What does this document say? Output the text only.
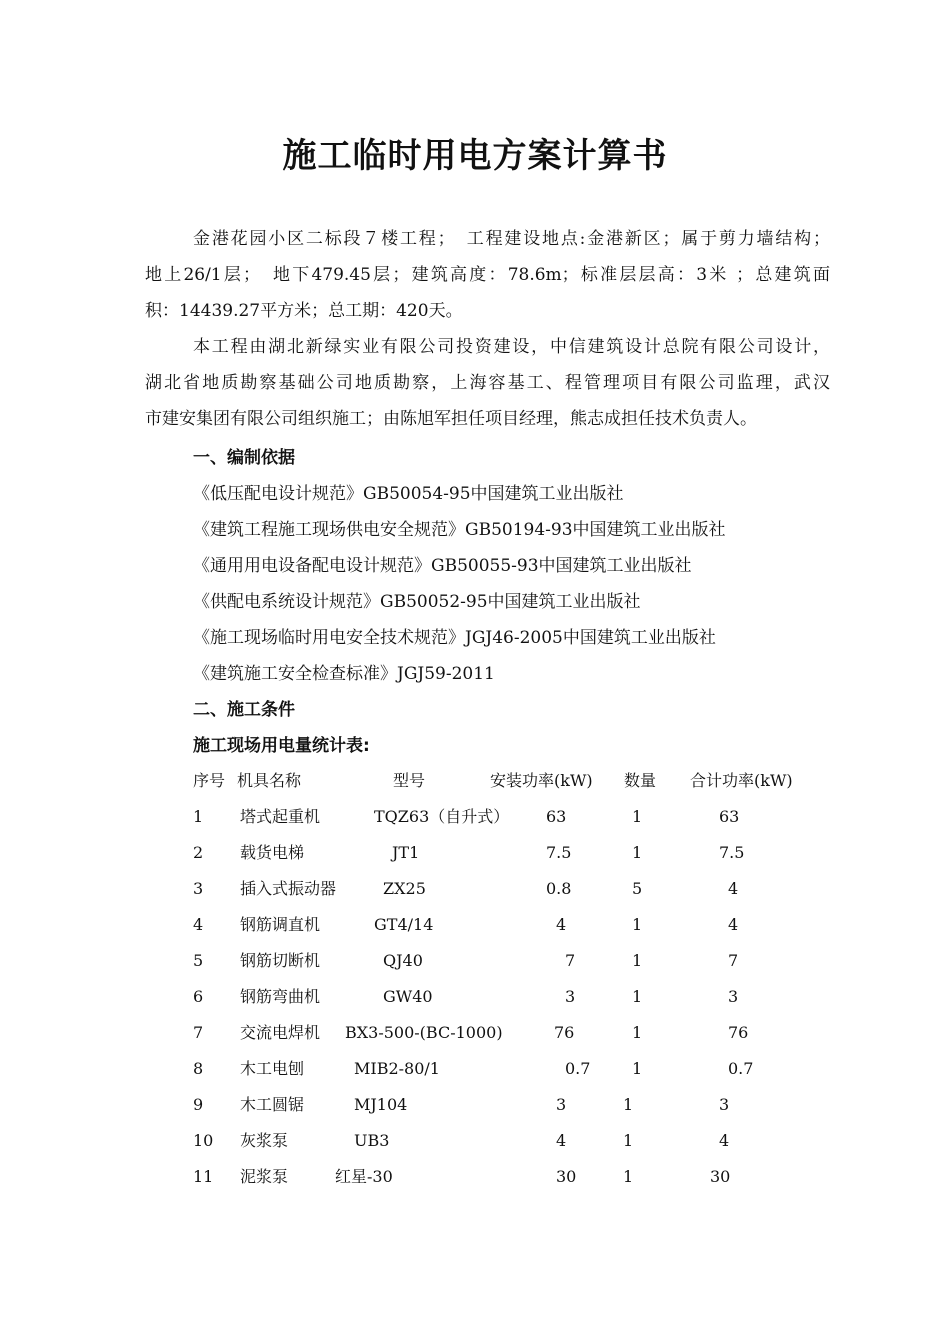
施工临时用电方案计算书
金港花园小区二标段７楼工程；　工程建设地点:金港新区；属于剪力墙结构；
地上26/1层；　地下479.45层；建筑高度：78.6m；标准层层高：3米 ；总建筑面
积：14439.27平方米；总工期：420天。
本工程由湖北新绿实业有限公司投资建设，中信建筑设计总院有限公司设计，
湖北省地质勘察基础公司地质勘察，上海容基工、程管理项目有限公司监理，武汉
市建安集团有限公司组织施工；由陈旭军担任项目经理，熊志成担任技术负责人。
一、编制依据
《低压配电设计规范》GB50054-95中国建筑工业出版社
《建筑工程施工现场供电安全规范》GB50194-93中国建筑工业出版社
《通用用电设备配电设计规范》GB50055-93中国建筑工业出版社
《供配电系统设计规范》GB50052-95中国建筑工业出版社
《施工现场临时用电安全技术规范》JGJ46-2005中国建筑工业出版社
《建筑施工安全检查标准》JGJ59-2011
二、施工条件
施工现场用电量统计表:
序号 机具名称	型号	安装功率(kW) 数量 合计功率(kW)
1 塔式起重机	TQZ63（自升式） 63	1	63
2 载货电梯	JT1	7.5	1	7.5
3 插入式振动器	ZX25	0.8	5	4
4 钢筋调直机	GT4/14	4	1	4
5 钢筋切断机	QJ40	7	1	7
6 钢筋弯曲机	GW40	3	1	3
7 交流电焊机 BX3-500-(BC-1000)	76	1	76
8 木工电刨	MIB2-80/1	0.7	1	0.7
9 木工圆锯	MJ104	3	1	3
10 灰浆泵	UB3	4	1	4
11 泥浆泵	红星-30	30	1	30
